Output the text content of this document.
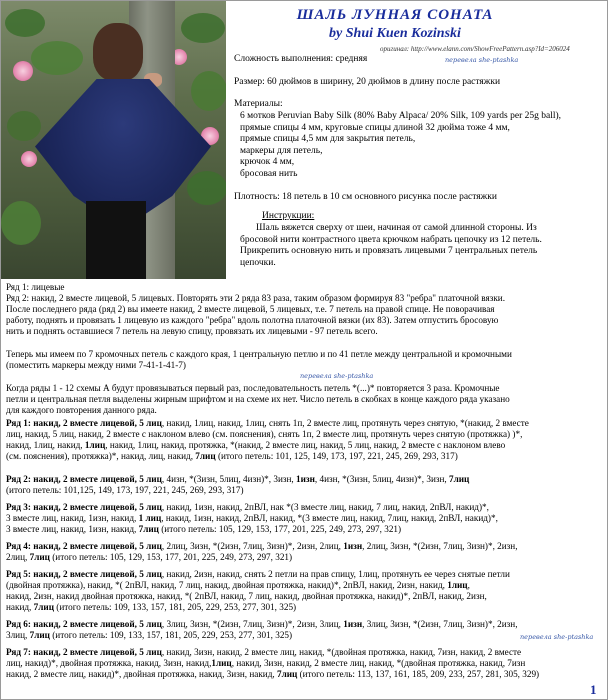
ШАЛЬ ЛУННАЯ СОНАТА
by Shui Kuen Kozinski
оригинал: http://www.elann.com/ShowFreePattern.asp?Id=206024
перевела she-ptashka
Сложность выполнения: средняя
Размер: 60 дюймов в ширину, 20 дюймов в длину после растяжки
Материалы:
6 мотков Peruvian Baby Silk (80% Baby Alpaca/ 20% Silk, 109 yards per 25g ball),
прямые спицы 4 мм, круговые спицы длиной 32 дюйма тоже 4 мм,
прямые спицы 4,5 мм для закрытия петель,
маркеры для петель,
крючок 4 мм,
бросовая нить
Плотность: 18 петель в 10 см основного рисунка после растяжки
Инструкции:
Шаль вяжется сверху от шеи, начиная от самой длинной стороны. Из
бросовой нити контрастного цвета крючком набрать цепочку из 12 петель.
Прикрепить основную нить и провязать лицевыми 7 центральных петель
цепочки.
Ряд 1: лицевые
Ряд 2: накид, 2 вместе лицевой, 5 лицевых. Повторять эти 2 ряда 83 раза, таким образом формируя 83 "ребра" платочной вязки.
После последнего ряда (ряд 2) вы имеете накид, 2 вместе лицевой, 5 лицевых, т.е. 7 петель на правой спице. Не поворачивая
работу, поднять и провязать 1 лицевую из каждого "ребра" вдоль полотна платочной вязки (их 83). Затем отпустить бросовую
нить и поднять оставшиеся 7 петель на левую спицу, провязать их лицевыми - 97 петель всего.
Теперь мы имеем по 7 кромочных петель с каждого края, 1 центральную петлю и по 41 петле между центральной и кромочными
(поместить маркеры между ними 7-41-1-41-7)
перевела she-ptashka
Когда ряды 1 - 12 схемы А будут провязываться первый раз, последовательность петель *(...)* повторяется 3 раза. Кромочные
петли и центральная петля выделены жирным шрифтом и на схеме их нет. Число петель в скобках в конце каждого ряда указано
для каждого повторения данного ряда.
Ряд 1: накид, 2 вместе лицевой, 5 лиц, накид, 1лиц, накид, 1лиц, снять 1п, 2 вместе лиц, протянуть через снятую, *(накид, 2 вместе
лиц, накид, 5 лиц, накид, 2 вместе с наклоном влево (см. пояснения), снять 1п, 2 вместе лиц, протянуть через снятую (протяжка) )*,
накид, 1лиц, накид, 1лиц, накид, 1лиц, накид, протяжка, *(накид, 2 вместе лиц, накид, 5 лиц, накид, 2 вместе с наклоном влево
(см. пояснения), протяжка)*, накид, лиц, накид, 7лиц (итого петель: 101, 125, 149, 173, 197, 221, 245, 269, 293, 317)
Ряд 2: накид, 2 вместе лицевой, 5 лиц, 4изн, *(3изн, 5лиц, 4изн)*, 3изн, 1изн, 4изн, *(3изн, 5лиц, 4изн)*, 3изн, 7лиц
(итого петель: 101,125, 149, 173, 197, 221, 245, 269, 293, 317)
Ряд 3: накид, 2 вместе лицевой, 5 лиц, накид, 1изн, накид, 2пВЛ, нак *(3 вместе лиц, накид, 7 лиц, накид, 2пВЛ, накид)*,
3 вместе лиц, накид, 1изн, накид, 1 лиц, накид, 1изн, накид, 2пВЛ, накид, *(3 вместе лиц, накид, 7лиц, накид, 2пВЛ, накид)*,
3 вместе лиц, накид, 1изн, накид, 7лиц (итого петель: 105, 129, 153, 177, 201, 225, 249, 273, 297, 321)
Ряд 4: накид, 2 вместе лицевой, 5 лиц, 2лиц, 3изн, *(2изн, 7лиц, 3изн)*, 2изн, 2лиц, 1изн, 2лиц, 3изн, *(2изн, 7лиц, 3изн)*, 2изн,
2лиц, 7лиц (итого петель: 105, 129, 153, 177, 201, 225, 249, 273, 297, 321)
Ряд 5: накид, 2 вместе лицевой, 5 лиц, накид, 2изн, накид, снять 2 петли на прав спицу, 1лиц, протянуть ее через снятые петли
(двойная протяжка), накид, *( 2пВЛ, накид, 7 лиц, накид, двойная протяжка, накид)*, 2пВЛ, накид, 2изн, накид, 1лиц,
накид, 2изн, накид двойная протяжка, накид, *( 2пВЛ, накид, 7 лиц, накид, двойная протяжка, накид)*, 2пВЛ, накид, 2изн,
накид, 7лиц (итого петель: 109, 133, 157, 181, 205, 229, 253, 277, 301, 325)
Ряд 6: накид, 2 вместе лицевой, 5 лиц, 3лиц, 3изн, *(2изн, 7лиц, 3изн)*, 2изн, 3лиц, 1изн, 3лиц, 3изн, *(2изн, 7лиц, 3изн)*, 2изн,
3лиц, 7лиц (итого петель: 109, 133, 157, 181, 205, 229, 253, 277, 301, 325)	перевела she-ptashka
Ряд 7: накид, 2 вместе лицевой, 5 лиц, накид, 3изн, накид, 2 вместе лиц, накид, *(двойная протяжка, накид, 7изн, накид, 2 вместе
лиц, накид)*, двойная протяжка, накид, 3изн, накид,1лиц, накид, 3изн, накид, 2 вместе лиц, накид, *(двойная протяжка, накид, 7изн
накид, 2 вместе лиц, накид)*, двойная протяжка, накид, 3изн, накид, 7лиц (итого петель: 113, 137, 161, 185, 209, 233, 257, 281, 305, 329)
1
